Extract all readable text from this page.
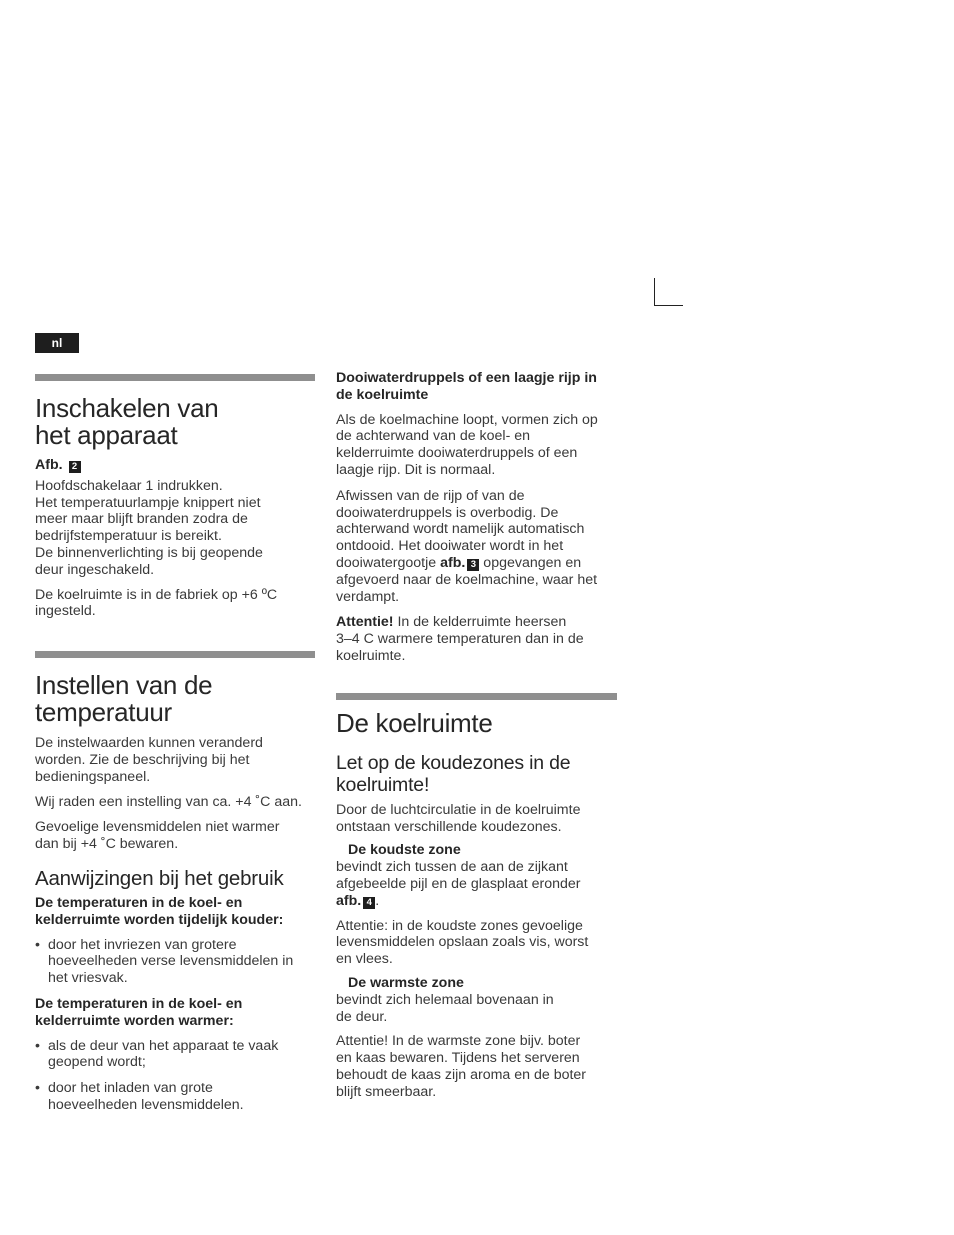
nl
Inschakelen van
het apparaat

Afb. 2

Hoofdschakelaar 1 indrukken.
Het temperatuurlampje knippert niet
meer maar blijft branden zodra de
bedrijfstemperatuur is bereikt.
De binnenverlichting is bij geopende
deur ingeschakeld.

De koelruimte is in de fabriek op +6 ºC
ingesteld.

Instellen van de
temperatuur

De instelwaarden kunnen veranderd
worden. Zie de beschrijving bij het
bedieningspaneel.

Wij raden een instelling van ca. +4 ˚C aan.

Gevoelige levensmiddelen niet warmer
dan bij +4 ˚C bewaren.

Aanwijzingen bij het gebruik

De temperaturen in de koel- en
kelderruimte worden tijdelijk kouder:

• door het invriezen van grotere
hoeveelheden verse levensmiddelen in
het vriesvak.

De temperaturen in de koel- en
kelderruimte worden warmer:

• als de deur van het apparaat te vaak
geopend wordt;

• door het inladen van grote
hoeveelheden levensmiddelen.

Dooiwaterdruppels of een laagje rijp in
de koelruimte

Als de koelmachine loopt, vormen zich op
de achterwand van de koel- en
kelderruimte dooiwaterdruppels of een
laagje rijp. Dit is normaal.

Afwissen van de rijp of van de
dooiwaterdruppels is overbodig. De
achterwand wordt namelijk automatisch
ontdooid. Het dooiwater wordt in het
dooiwatergootje afb. 3 opgevangen en
afgevoerd naar de koelmachine, waar het
verdampt.

Attentie! In de kelderruimte heersen
3–4 C warmere temperaturen dan in de
koelruimte.

De koelruimte
Let op de koudezones in de
koelruimte!

Door de luchtcirculatie in de koelruimte
ontstaan verschillende koudezones.

De koudste zone

bevindt zich tussen de aan de zijkant
afgebeelde pijl en de glasplaat eronder
afb. 4 .

Attentie: in de koudste zones gevoelige
levensmiddelen opslaan zoals vis, worst
en vlees.

De warmste zone

bevindt zich helemaal bovenaan in
de deur.

Attentie! In de warmste zone bijv. boter
en kaas bewaren. Tijdens het serveren
behoudt de kaas zijn aroma en de boter
blijft smeerbaar.
